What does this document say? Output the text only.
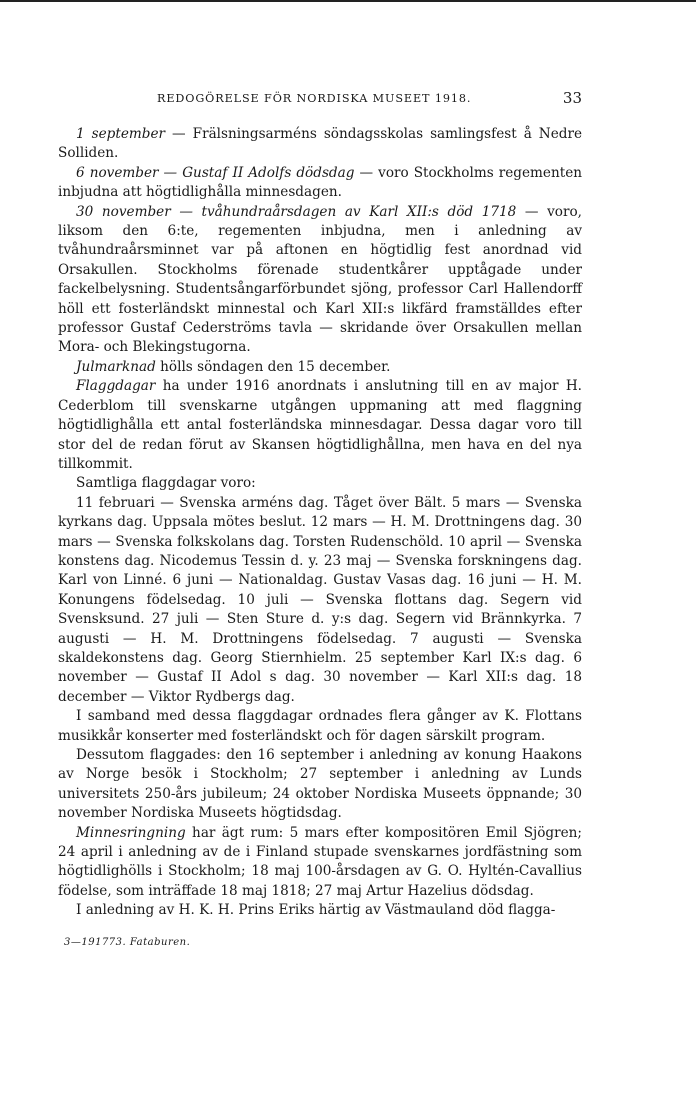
REDOGÖRELSE FÖR NORDISKA MUSEET 1918.	33

1 september — Frälsningsarméns söndagsskolas samlingsfest å Nedre Solliden.

6 november — Gustaf II Adolfs dödsdag — voro Stockholms regementen inbjudna att högtidlighålla minnesdagen.

30 november — tvåhundraårsdagen av Karl XII:s död 1718 — voro, liksom den 6:te, regementen inbjudna, men i anledning av tvåhundraårsminnet var på aftonen en högtidlig fest anordnad vid Orsakullen. Stockholms förenade studentkårer upptågade under fackelbelysning. Studentsångarförbundet sjöng, professor Carl Hallendorff höll ett fosterländskt minnestal och Karl XII:s likfärd framställdes efter professor Gustaf Cederströms tavla — skridande över Orsakullen mellan Mora- och Blekingstugorna.

Julmarknad hölls söndagen den 15 december.

Flaggdagar ha under 1916 anordnats i anslutning till en av major H. Cederblom till svenskarne utgången uppmaning att med flaggning högtidlighålla ett antal fosterländska minnesdagar. Dessa dagar voro till stor del de redan förut av Skansen högtidlighållna, men hava en del nya tillkommit.

Samtliga flaggdagar voro:

11 februari — Svenska arméns dag. Tåget över Bält. 5 mars — Svenska kyrkans dag. Uppsala mötes beslut. 12 mars — H. M. Drottningens dag. 30 mars — Svenska folkskolans dag. Torsten Rudenschöld. 10 april — Svenska konstens dag. Nicodemus Tessin d. y. 23 maj — Svenska forskningens dag. Karl von Linné. 6 juni — Nationaldag. Gustav Vasas dag. 16 juni — H. M. Konungens födelsedag. 10 juli — Svenska flottans dag. Segern vid Svensksund. 27 juli — Sten Sture d. y:s dag. Segern vid Brännkyrka. 7 augusti — H. M. Drottningens födelsedag. 7 augusti — Svenska skaldekonstens dag. Georg Stiernhielm. 25 september Karl IX:s dag. 6 november — Gustaf II Adol s dag. 30 november — Karl XII:s dag. 18 december — Viktor Rydbergs dag.

I samband med dessa flaggdagar ordnades flera gånger av K. Flottans musikkår konserter med fosterländskt och för dagen särskilt program.

Dessutom flaggades: den 16 september i anledning av konung Haakons av Norge besök i Stockholm; 27 september i anledning av Lunds universitets 250-års jubileum; 24 oktober Nordiska Museets öppnande; 30 november Nordiska Museets högtidsdag.

Minnesringning har ägt rum: 5 mars efter kompositören Emil Sjögren; 24 april i anledning av de i Finland stupade svenskarnes jordfästning som högtidlighölls i Stockholm; 18 maj 100-årsdagen av G. O. Hyltén-Cavallius födelse, som inträffade 18 maj 1818; 27 maj Artur Hazelius dödsdag.

I anledning av H. K. H. Prins Eriks härtig av Västmauland död flagga-

3—191773. Fataburen.
